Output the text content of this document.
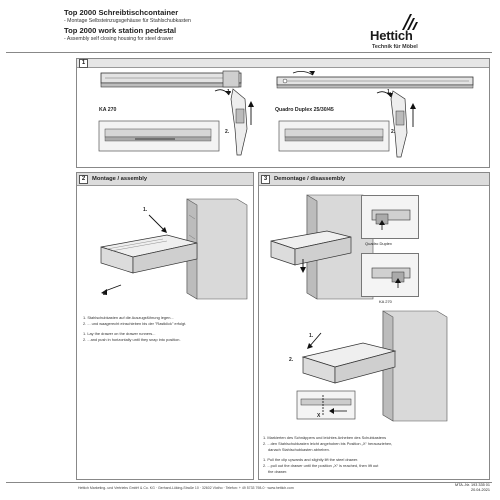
Top 2000 Schreibtischcontainer
- Montage Selbsteinzugsgehäuse für Stahlschubkasten
Top 2000 work station pedestal
- Assembly self closing housing for steel drawer	Hettich
Technik für Möbel
1
KA 270
1.
2.
Quadro Duplex 25/30/45
1.
2.
2	Montage / assembly
1.
2.
1. Stahlschubkasten auf die Auszugsführung legen...
2. ... und waagerecht einschieben bis der "Rastklick" erfolgt.
1. Lay the drawer on the drawer runners...
2. ...and push in horizontally until they snap into position.
3	Demontage / disassembly
Quadro Duplex
KA 270
1.
2.
X
1. Markierten des Schnäppers und leichtes Anheben des Schubkastens
2. ...den Stahlschubkasten leicht angehoben bis Position „X“ herausziehen,
danach Stahlschubkasten abheben.
1. Pull the clip upwards and slightly lift the steel drawer.
2. ...pull out the drawer until the position „X“ is reached, then lift out
the drawer.
Hettich Marketing- und Vertriebs GmbH & Co. KG · Gerhard-Lüking-Straße 10 · 32602 Vlotho · Telefon: + 49 5733 798-0 · www.hettich.com
MTA.-Nr. 193 335 01
20.04.2021
